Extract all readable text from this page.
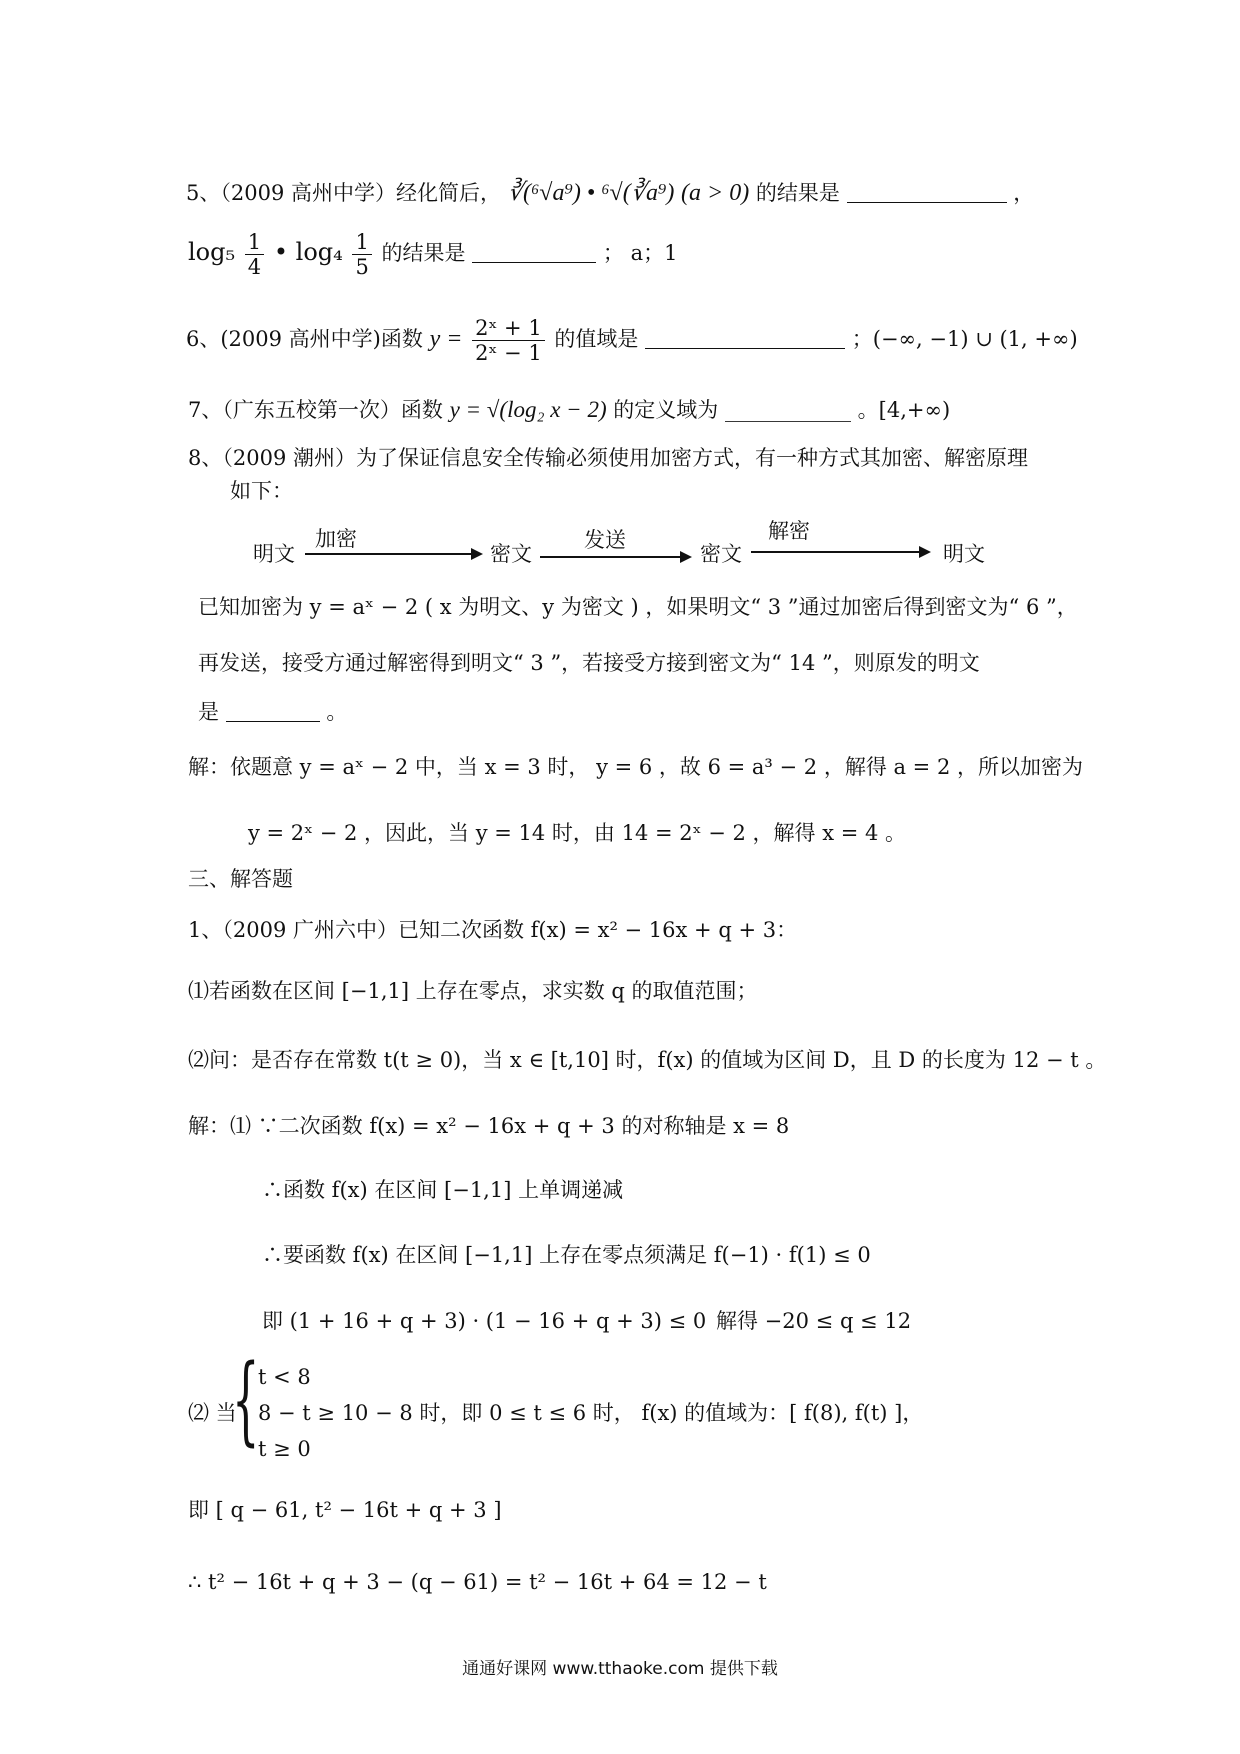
5、（2009 高州中学）经化简后， ∛(⁶√a⁹) • ⁶√(∛a⁹) (a > 0) 的结果是	，
$\log_5 \frac{1}{4}$ • $\log_4 \frac{1}{5}$ 的结果是	； a；1
6、(2009 高州中学)函数 $y = \frac{\text{2ˣ + 1}}{\text{2ˣ − 1}}$ 的值域是	；(−∞, −1) ∪ (1, +∞)
7、（广东五校第一次）函数 y = √(log₂ x − 2) 的定义域为 ____________ 。[4,+∞)
8、（2009 潮州）为了保证信息安全传输必须使用加密方式，有一种方式其加密、解密原理
如下：
明文
加密
密文
发送
密文
解密
明文
已知加密为 y = aˣ − 2 ( x 为明文、y 为密文 ) ，如果明文“ 3 ”通过加密后得到密文为“ 6 ”，
再发送，接受方通过解密得到明文“ 3 ”，若接受方接到密文为“ 14 ”，则原发的明文
是	。
解：依题意 y = aˣ − 2 中，当 x = 3 时， y = 6 ，故 6 = a³ − 2 ，解得 a = 2 ，所以加密为
y = 2ˣ − 2 ，因此，当 y = 14 时，由 14 = 2ˣ − 2 ，解得 x = 4 。
三、解答题
1、（2009 广州六中）已知二次函数 f(x) = x² − 16x + q + 3：
⑴若函数在区间 [−1,1] 上存在零点，求实数 q 的取值范围；
⑵问：是否存在常数 t(t ≥ 0)，当 x ∈ [t,10] 时，f(x) 的值域为区间 D，且 D 的长度为 12 − t 。
解：⑴ ∵二次函数 f(x) = x² − 16x + q + 3 的对称轴是 x = 8
∴函数 f(x) 在区间 [−1,1] 上单调递减
∴要函数 f(x) 在区间 [−1,1] 上存在零点须满足 f(−1) · f(1) ≤ 0
即 (1 + 16 + q + 3) · (1 − 16 + q + 3) ≤ 0 解得 −20 ≤ q ≤ 12
⑵ 当
{
t < 8
8 − t ≥ 10 − 8 时，即 0 ≤ t ≤ 6 时， f(x) 的值域为：[ f(8), f(t) ]，
t ≥ 0
即 [ q − 61, t² − 16t + q + 3 ]
∴ t² − 16t + q + 3 − (q − 61) = t² − 16t + 64 = 12 − t
通通好课网 www.tthaoke.com 提供下载
